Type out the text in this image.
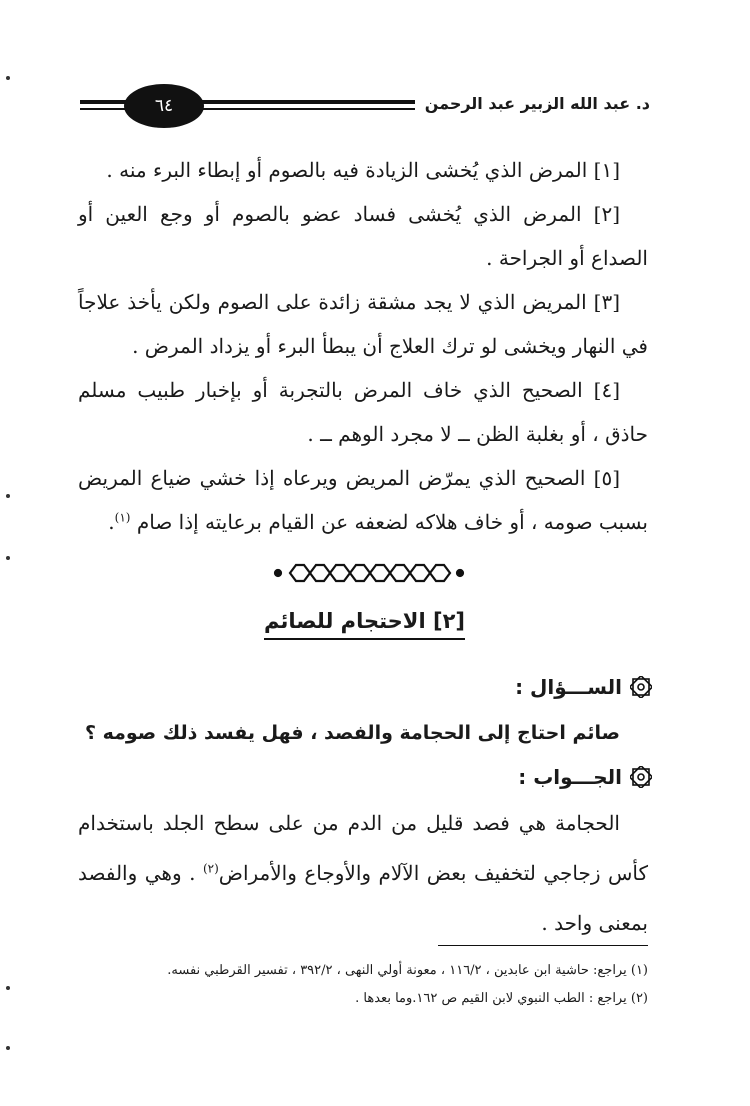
د. عبد الله الزبير عبد الرحمن
٦٤

[١] المرض الذي يُخشى الزيادة فيه بالصوم أو إبطاء البرء منه .

[٢] المرض الذي يُخشى فساد عضو بالصوم أو وجع العين أو الصداع أو الجراحة .

[٣] المريض الذي لا يجد مشقة زائدة على الصوم ولكن يأخذ علاجاً في النهار ويخشى لو ترك العلاج أن يبطأ البرء أو يزداد المرض .

[٤] الصحيح الذي خاف المرض بالتجربة أو بإخبار طبيب مسلم حاذق ، أو بغلبة الظن ــ لا مجرد الوهم ــ .

[٥] الصحيح الذي يمرّض المريض ويرعاه إذا خشي ضياع المريض بسبب صومه ، أو خاف هلاكه لضعفه عن القيام برعايته إذا صام $^{(١)}$.

[٢] الاحتجام للصائم
الســـؤال :
صائم احتاج إلى الحجامة والفصد ، فهل يفسد ذلك صومه ؟
الجـــواب :
الحجامة هي فصد قليل من الدم من على سطح الجلد باستخدام كأس زجاجي لتخفيف بعض الآلام والأوجاع والأمراض$^{(٢)}$ . وهي والفصد بمعنى واحد .
(١) يراجع: حاشية ابن عابدين ، ١١٦/٢ ، معونة أولي النهى ، ٣٩٢/٢ ، تفسير القرطبي نفسه.
(٢) يراجع : الطب النبوي لابن القيم ص ١٦٢.وما بعدها .
